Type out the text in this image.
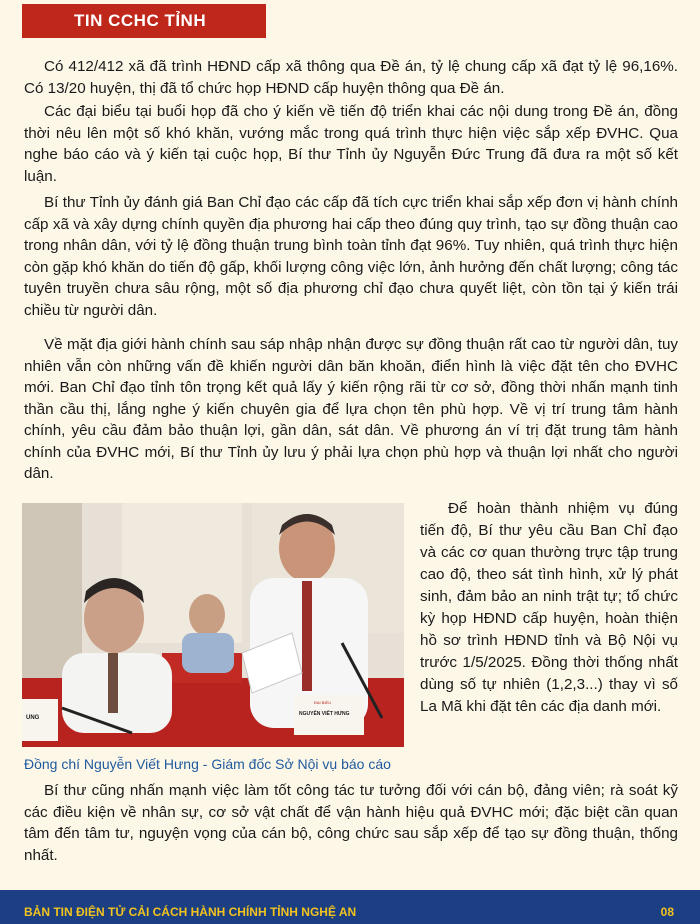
TIN CCHC TỈNH

Có 412/412 xã đã trình HĐND cấp xã thông qua Đề án, tỷ lệ chung cấp xã đạt tỷ lệ 96,16%. Có 13/20 huyện, thị đã tổ chức họp HĐND cấp huyện thông qua Đề án.

Các đại biểu tại buổi họp đã cho ý kiến về tiến độ triển khai các nội dung trong Đề án, đồng thời nêu lên một số khó khăn, vướng mắc trong quá trình thực hiện việc sắp xếp ĐVHC. Qua nghe báo cáo và ý kiến tại cuộc họp, Bí thư Tỉnh ủy Nguyễn Đức Trung đã đưa ra một số kết luận.

Bí thư Tỉnh ủy đánh giá Ban Chỉ đạo các cấp đã tích cực triển khai sắp xếp đơn vị hành chính cấp xã và xây dựng chính quyền địa phương hai cấp theo đúng quy trình, tạo sự đồng thuận cao trong nhân dân, với tỷ lệ đồng thuận trung bình toàn tỉnh đạt 96%. Tuy nhiên, quá trình thực hiện còn gặp khó khăn do tiến độ gấp, khối lượng công việc lớn, ảnh hưởng đến chất lượng; công tác tuyên truyền chưa sâu rộng, một số địa phương chỉ đạo chưa quyết liệt, còn tồn tại ý kiến trái chiều từ người dân.

Về mặt địa giới hành chính sau sáp nhập nhận được sự đồng thuận rất cao từ người dân, tuy nhiên vẫn còn những vấn đề khiến người dân băn khoăn, điển hình là việc đặt tên cho ĐVHC mới. Ban Chỉ đạo tỉnh tôn trọng kết quả lấy ý kiến rộng rãi từ cơ sở, đồng thời nhấn mạnh tinh thần cầu thị, lắng nghe ý kiến chuyên gia để lựa chọn tên phù hợp. Về vị trí trung tâm hành chính, yêu cầu đảm bảo thuận lợi, gần dân, sát dân. Về phương án ví trị đặt trung tâm hành chính của ĐVHC mới, Bí thư Tỉnh ủy lưu ý phải lựa chọn phù hợp và thuận lợi nhất cho người dân.

UNG
ĐẠI BIỂU
NGUYỄN VIẾT HƯNG
Đồng chí Nguyễn Viết Hưng - Giám đốc Sở Nội vụ báo cáo

Để hoàn thành nhiệm vụ đúng tiến độ, Bí thư yêu cầu Ban Chỉ đạo và các cơ quan thường trực tập trung cao độ, theo sát tình hình, xử lý phát sinh, đảm bảo an ninh trật tự; tổ chức kỳ họp HĐND cấp huyện, hoàn thiện hồ sơ trình HĐND tỉnh và Bộ Nội vụ trước 1/5/2025. Đồng thời thống nhất dùng số tự nhiên (1,2,3...) thay vì số La Mã khi đặt tên các địa danh mới.

Bí thư cũng nhấn mạnh việc làm tốt công tác tư tưởng đối với cán bộ, đảng viên; rà soát kỹ các điều kiện về nhân sự, cơ sở vật chất để vận hành hiệu quả ĐVHC mới; đặc biệt cần quan tâm đến tâm tư, nguyện vọng của cán bộ, công chức sau sắp xếp để tạo sự đồng thuận, thống nhất.

BẢN TIN ĐIỆN TỬ CẢI CÁCH HÀNH CHÍNH TỈNH NGHỆ AN	08
